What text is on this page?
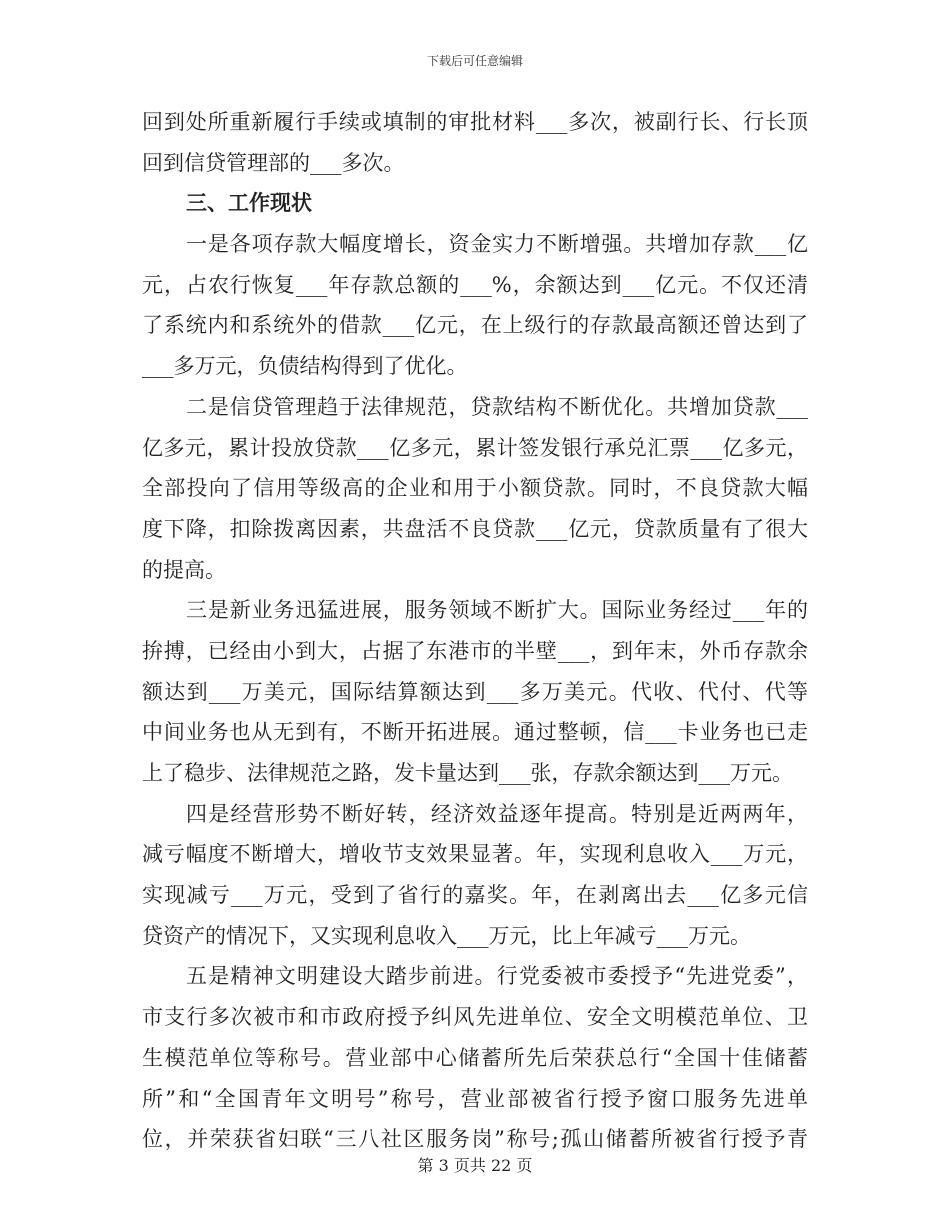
下载后可任意编辑
回到处所重新履行手续或填制的审批材料___多次，被副行长、行长顶
回到信贷管理部的___多次。
三、工作现状
一是各项存款大幅度增长，资金实力不断增强。共增加存款___亿
元，占农行恢复___年存款总额的___%，余额达到___亿元。不仅还清
了系统内和系统外的借款___亿元，在上级行的存款最高额还曾达到了
___多万元，负债结构得到了优化。
二是信贷管理趋于法律规范，贷款结构不断优化。共增加贷款___
亿多元，累计投放贷款___亿多元，累计签发银行承兑汇票___亿多元，
全部投向了信用等级高的企业和用于小额贷款。同时，不良贷款大幅
度下降，扣除拨离因素，共盘活不良贷款___亿元，贷款质量有了很大
的提高。
三是新业务迅猛进展，服务领域不断扩大。国际业务经过___年的
拚搏，已经由小到大，占据了东港市的半壁___，到年末，外币存款余
额达到___万美元，国际结算额达到___多万美元。代收、代付、代等
中间业务也从无到有，不断开拓进展。通过整顿，信___卡业务也已走
上了稳步、法律规范之路，发卡量达到___张，存款余额达到___万元。
四是经营形势不断好转，经济效益逐年提高。特别是近两两年，
减亏幅度不断增大，增收节支效果显著。年，实现利息收入___万元，
实现减亏___万元，受到了省行的嘉奖。年，在剥离出去___亿多元信
贷资产的情况下，又实现利息收入___万元，比上年减亏___万元。
五是精神文明建设大踏步前进。行党委被市委授予“先进党委”，
市支行多次被市和市政府授予纠风先进单位、安全文明模范单位、卫
生模范单位等称号。营业部中心储蓄所先后荣获总行“全国十佳储蓄
所”和“全国青年文明号”称号，营业部被省行授予窗口服务先进单
位，并荣获省妇联“三八社区服务岗”称号;孤山储蓄所被省行授予青
第 3 页共 22 页
